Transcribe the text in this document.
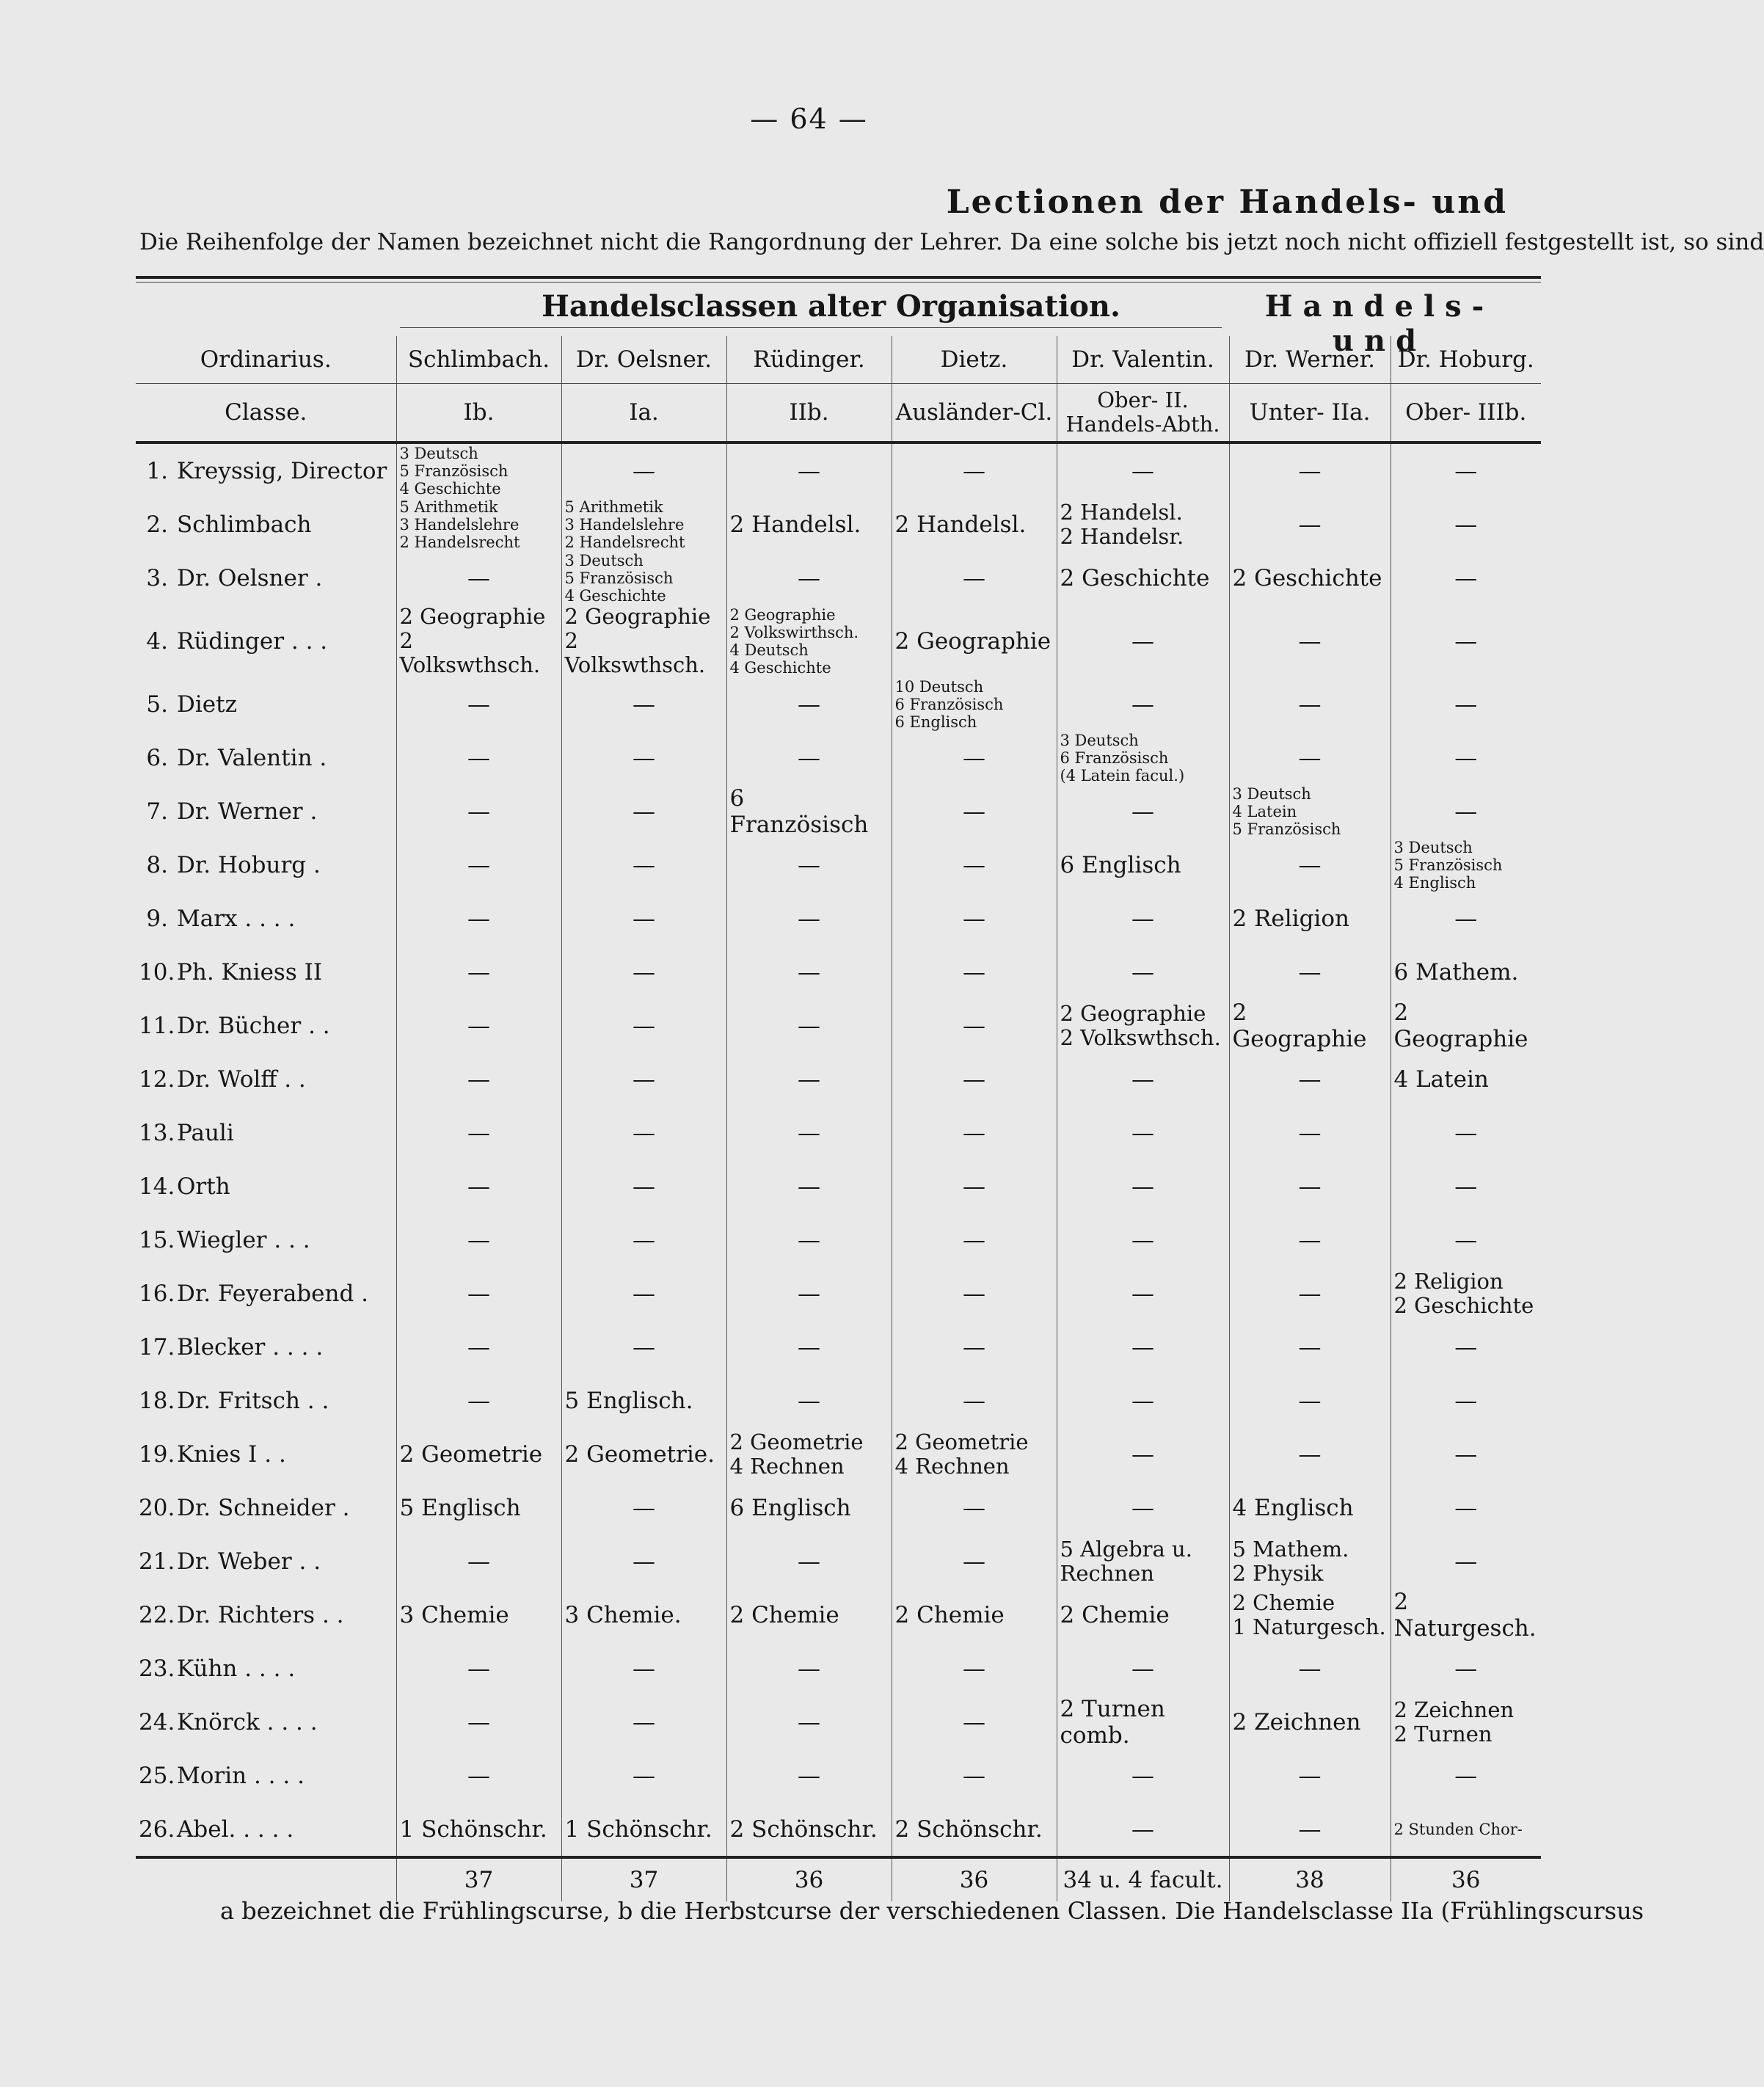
— 64 —
Lectionen der Handels- und
Die Reihenfolge der Namen bezeichnet nicht die Rangordnung der Lehrer. Da eine solche bis jetzt noch nicht offiziell festgestellt ist, so sind
Handelsclassen alter Organisation.	Handels- und
Ordinarius.	Schlimbach.	Dr. Oelsner.	Rüdinger.	Dietz.	Dr. Valentin.	Dr. Werner.	Dr. Hoburg.
Classe.	Ib.	Ia.	IIb.	Ausländer-Cl.	Ober- II. Handels-Abth.	Unter- IIa.	Ober- IIIb.
1. Kreyssig, Director	3 Deutsch
5 Französisch
4 Geschichte	—	—	—	—	—	—
2. Schlimbach	5 Arithmetik
3 Handelslehre
2 Handelsrecht	5 Arithmetik
3 Handelslehre
2 Handelsrecht	2 Handelsl.	2 Handelsl.	2 Handelsl.
2 Handelsr.	—	—
3. Dr. Oelsner .	—	3 Deutsch
5 Französisch
4 Geschichte	—	—	2 Geschichte	2 Geschichte	—
4. Rüdinger . . .	2 Geographie
2 Volkswthsch.	2 Geographie
2 Volkswthsch.	2 Geographie
2 Volkswirthsch.
4 Deutsch
4 Geschichte	2 Geographie	—	—	—
5. Dietz	—	—	—	10 Deutsch
6 Französisch
6 Englisch	—	—	—
6. Dr. Valentin .	—	—	—	—	3 Deutsch
6 Französisch
(4 Latein facul.)	—	—
7. Dr. Werner .	—	—	6 Französisch	—	—	3 Deutsch
4 Latein
5 Französisch	—
8. Dr. Hoburg .	—	—	—	—	6 Englisch	—	3 Deutsch
5 Französisch
4 Englisch
9. Marx . . . .	—	—	—	—	—	2 Religion	—
10.Ph. Kniess II	—	—	—	—	—	—	6 Mathem.
11.Dr. Bücher . .	—	—	—	—	2 Geographie
2 Volkswthsch.	2 Geographie	2 Geographie
12.Dr. Wolff . .	—	—	—	—	—	—	4 Latein
13.Pauli	—	—	—	—	—	—	—
14.Orth	—	—	—	—	—	—	—
15.Wiegler . . .	—	—	—	—	—	—	—
16.Dr. Feyerabend .	—	—	—	—	—	—	2 Religion
2 Geschichte
17.Blecker . . . .	—	—	—	—	—	—	—
18.Dr. Fritsch . .	—	5 Englisch.	—	—	—	—	—
19.Knies I . .	2 Geometrie	2 Geometrie.	2 Geometrie
4 Rechnen	2 Geometrie
4 Rechnen	—	—	—
20.Dr. Schneider .	5 Englisch	—	6 Englisch	—	—	4 Englisch	—
21.Dr. Weber . .	—	—	—	—	5 Algebra u.
Rechnen	5 Mathem.
2 Physik	—
22.Dr. Richters . .	3 Chemie	3 Chemie.	2 Chemie	2 Chemie	2 Chemie	2 Chemie
1 Naturgesch.	2 Naturgesch.
23.Kühn . . . .	—	—	—	—	—	—	—
24.Knörck . . . .	—	—	—	—	2 Turnen comb.	2 Zeichnen	2 Zeichnen
2 Turnen
25.Morin . . . .	—	—	—	—	—	—	—
26.Abel. . . . .	1 Schönschr.	1 Schönschr.	2 Schönschr.	2 Schönschr.	—	—	2 Stunden Chor-
	37	37	36	36	34 u. 4 facult.	38	36
a bezeichnet die Frühlingscurse, b die Herbstcurse der verschiedenen Classen. Die Handelsclasse IIa (Frühlingscursus
